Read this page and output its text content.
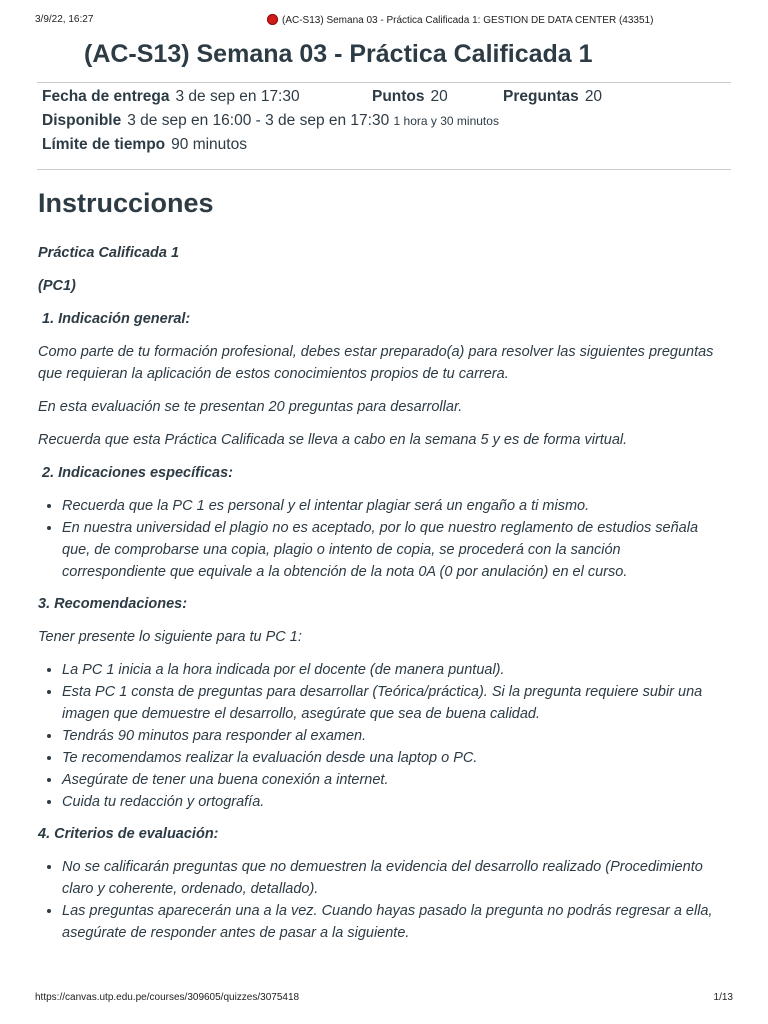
3/9/22, 16:27	(AC-S13) Semana 03 - Práctica Calificada 1: GESTION DE DATA CENTER (43351)
(AC-S13) Semana 03 - Práctica Calificada 1
Fecha de entrega 3 de sep en 17:30	Puntos 20	Preguntas 20
Disponible 3 de sep en 16:00 - 3 de sep en 17:30 1 hora y 30 minutos
Límite de tiempo 90 minutos
Instrucciones

Práctica Calificada 1

(PC1)

1. Indicación general:

Como parte de tu formación profesional, debes estar preparado(a) para resolver las siguientes preguntas que requieran la aplicación de estos conocimientos propios de tu carrera.

En esta evaluación se te presentan 20 preguntas para desarrollar.

Recuerda que esta Práctica Calificada se lleva a cabo en la semana 5 y es de forma virtual.

2. Indicaciones específicas:

• Recuerda que la PC 1 es personal y el intentar plagiar será un engaño a ti mismo.
• En nuestra universidad el plagio no es aceptado, por lo que nuestro reglamento de estudios señala que, de comprobarse una copia, plagio o intento de copia, se procederá con la sanción correspondiente que equivale a la obtención de la nota 0A (0 por anulación) en el curso.

3. Recomendaciones:

Tener presente lo siguiente para tu PC 1:

• La PC 1 inicia a la hora indicada por el docente (de manera puntual).
• Esta PC 1 consta de preguntas para desarrollar (Teórica/práctica). Si la pregunta requiere subir una imagen que demuestre el desarrollo, asegúrate que sea de buena calidad.
• Tendrás 90 minutos para responder al examen.
• Te recomendamos realizar la evaluación desde una laptop o PC.
• Asegúrate de tener una buena conexión a internet.
• Cuida tu redacción y ortografía.

4. Criterios de evaluación:

• No se calificarán preguntas que no demuestren la evidencia del desarrollo realizado (Procedimiento claro y coherente, ordenado, detallado).
• Las preguntas aparecerán una a la vez. Cuando hayas pasado la pregunta no podrás regresar a ella, asegúrate de responder antes de pasar a la siguiente.
https://canvas.utp.edu.pe/courses/309605/quizzes/3075418	1/13
